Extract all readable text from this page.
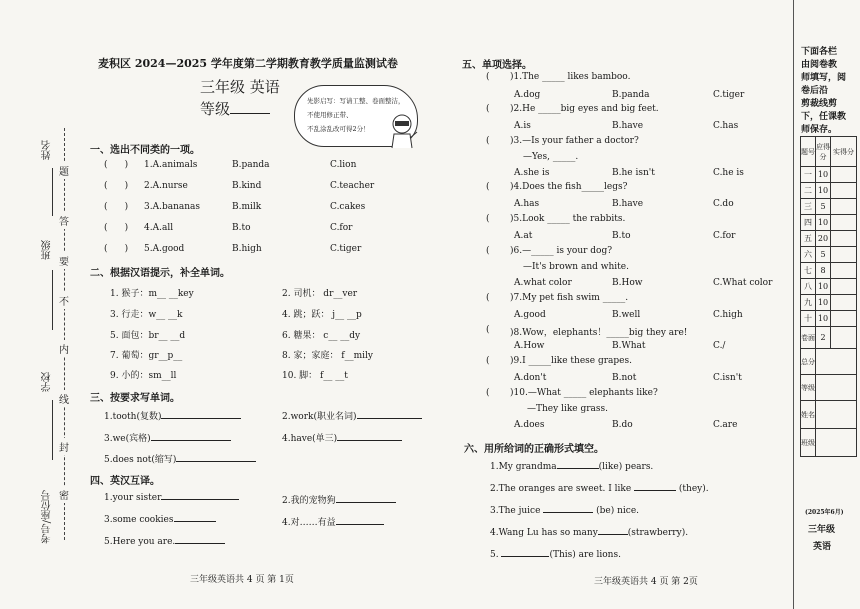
题
答
要
不
内
线
封
密
姓名
班级
学校
考号/座位号
麦积区 2024—2025 学年度第二学期教育教学质量监测试卷
三年级 英语
等级	先影启写：写请工整、卷面整洁，
不使用修正带、
不乱涂乱改可得2分！
一、选出不同类的一项。
(      ) 1.A.animals	B.panda	C.lion
(      ) 2.A.nurse	B.kind	C.teacher
(      ) 3.A.bananas	B.milk	C.cakes
(      ) 4.A.all	B.to	C.for
(      ) 5.A.good	B.high	C.tiger
二、根据汉语提示，补全单词。
1. 猴子：m__ __key	2. 司机： dr__ver
3. 行走：w__ __k	4. 跳；跃： j__ __p
5. 面包：br__ __d	6. 糖果： c__ __dy
7. 葡萄：gr__p__	8. 家；家庭： f__mily
9. 小的：sm__ll	10. 脚： f__ __t
三、按要求写单词。
1.tooth(复数)	2.work(职业名词)
3.we(宾格)	4.have(单三)
5.does not(缩写)
四、英汉互译。
1.your sister	2.我的宠物狗
3.some cookies	4.对……有益
5.Here you are.
三年级英语共 4 页 第 1页
五、单项选择。
( )1.The _____ likes bamboo.
A.dog	B.panda	C.tiger
( )2.He _____big eyes and big feet.
A.is	B.have	C.has
( )3.—Is your father a doctor?
—Yes, _____.
A.she is	B.he isn't	C.he is
( )4.Does the fish_____legs?
A.has	B.have	C.do
( )5.Look _____ the rabbits.
A.at	B.to	C.for
( )6.—_____ is your dog?
—It's brown and white.
A.what color	B.How	C.What color
( )7.My pet fish swim _____.
A.good	B.well	C.high
( )8.Wow，elephants！_____big they are!
A.How	B.What	C./
( )9.I _____like these grapes.
A.don't	B.not	C.isn't
( )10.—What _____ elephants like?
—They like grass.
A.does	B.do	C.are
六、用所给词的正确形式填空。
1.My grandma	(like) pears.
2.The oranges are sweet. I like	(they).
3.The juice	(be) nice.
4.Wang Lu has so many	(strawberry).
5.	(This) are lions.
三年级英语共 4 页 第 2页
下面各栏
由阅卷教
师填写，阅
卷后沿
剪裁线剪
下，任课教
师保存。
题号	应得分	实得分
一	10	
二	10	
三	5	
四	10	
五	20	
六	5	
七	8	
八	10	
九	10	
十	10	
卷面	2	
总分		
等级		
姓名		
班级		
(2025年6月)
三年级
英语
